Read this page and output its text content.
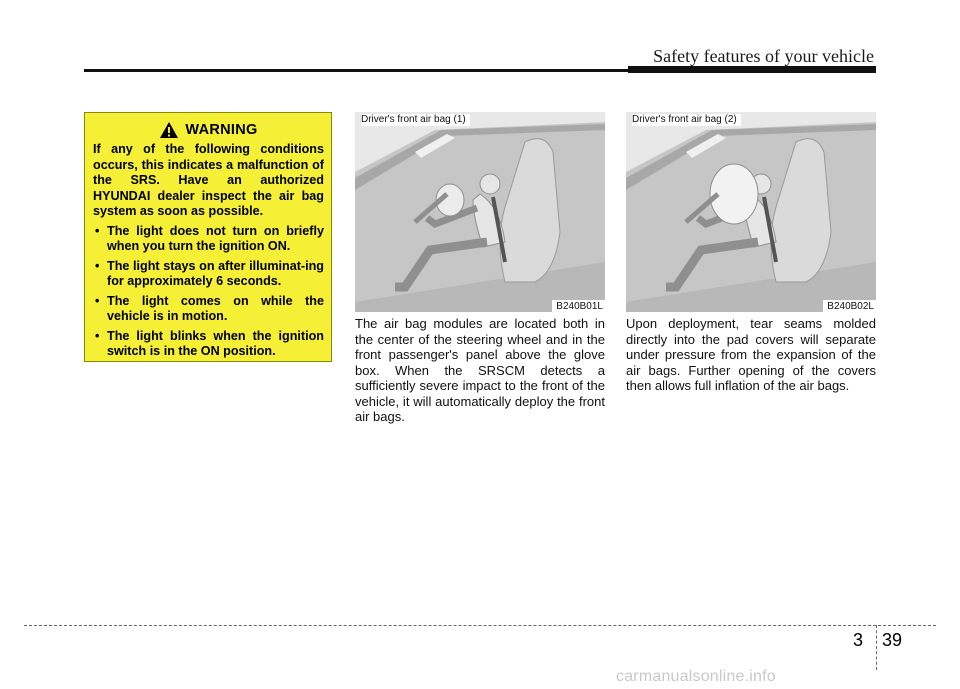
Safety features of your vehicle
WARNING
If any of the following conditions occurs, this indicates a malfunction of the SRS. Have an authorized HYUNDAI dealer inspect the air bag system as soon as possible.
• The light does not turn on briefly when you turn the ignition ON.
• The light stays on after illuminat-ing for approximately 6 seconds.
• The light comes on while the vehicle is in motion.
• The light blinks when the ignition switch is in the ON position.
Driver's front air bag (1)
B240B01L
Driver's front air bag (2)
B240B02L
The air bag modules are located both in the center of the steering wheel and in the front passenger's panel above the glove box. When the SRSCM detects a sufficiently severe impact to the front of the vehicle, it will automatically deploy the front air bags.
Upon deployment, tear seams molded directly into the pad covers will separate under pressure from the expansion of the air bags. Further opening of the covers then allows full inflation of the air bags.
3 39
carmanualsonline.info
